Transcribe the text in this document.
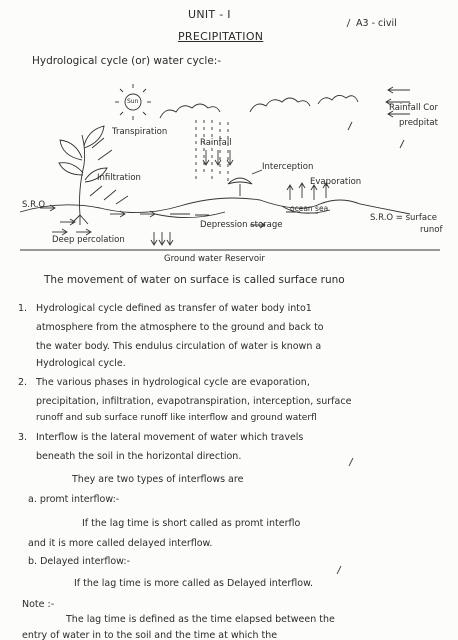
UNIT - I
A3 - civil
PRECIPITATION
Hydrological cycle (or) water cycle:-
Sun
Rainfall Cor
predpitat
Transpiration
Rainfall
Interception
Infiltration	Evaporation
S.R.O	ocean sea
S.R.O = surface
runof
Depression storage
Deep percolation
Ground water Reservoir
The movement of water on surface is called surface runo
1. Hydrological cycle defined as transfer of water body into1
atmosphere from the atmosphere to the ground and back to
the water body. This endulus circulation of water is known a
Hydrological cycle.
2. The various phases in hydrological cycle are evaporation,
precipitation, infiltration, evapotranspiration, interception, surface
runoff and sub surface runoff like interflow and ground waterfl
3. Interflow is the lateral movement of water which travels
beneath the soil in the horizontal direction.
They are two types of interflows are
a. promt interflow:-
If the lag time is short called as promt interflo
and it is more called delayed interflow.
b. Delayed interflow:-
If the lag time is more called as Delayed interflow.
Note :-
The lag time is defined as the time elapsed between the
entry of water in to the soil and the time at which the
